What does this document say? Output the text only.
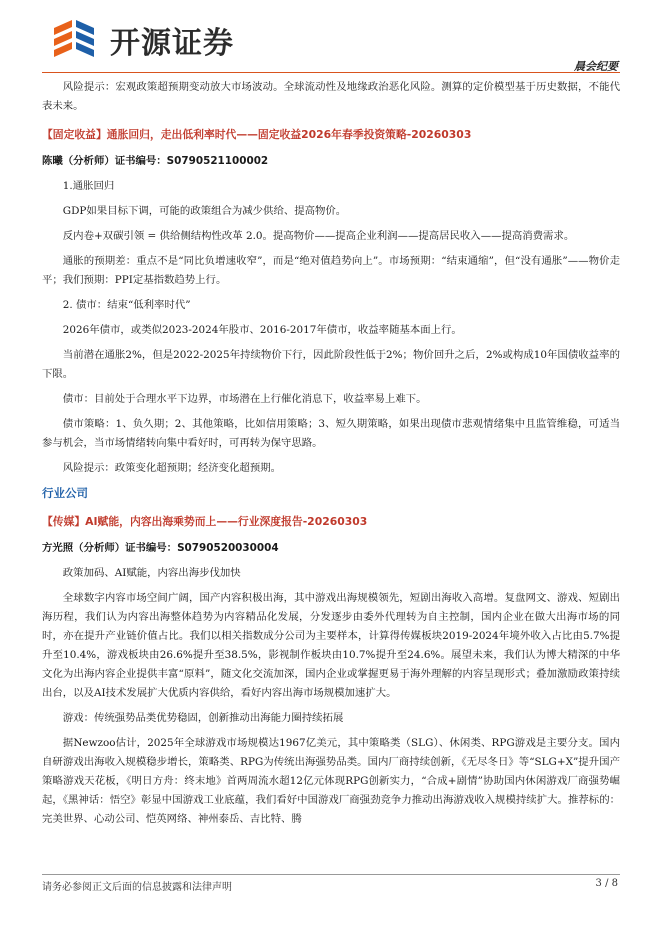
开源证券
晨会纪要

风险提示：宏观政策超预期变动放大市场波动。全球流动性及地缘政治恶化风险。测算的定价模型基于历史数据，不能代表未来。

【固定收益】通胀回归，走出低利率时代——固定收益2026年春季投资策略-20260303

陈曦（分析师）证书编号：S0790521100002

1.通胀回归

GDP如果目标下调，可能的政策组合为减少供给、提高物价。

反内卷+双碳引领 = 供给侧结构性改革 2.0。提高物价——提高企业利润——提高居民收入——提高消费需求。

通胀的预期差：重点不是“同比负增速收窄”，而是“绝对值趋势向上”。市场预期：“结束通缩”，但“没有通胀”——物价走平；我们预期：PPI定基指数趋势上行。

2. 债市：结束“低利率时代”

2026年债市，或类似2023-2024年股市、2016-2017年债市，收益率随基本面上行。

当前潜在通胀2%，但是2022-2025年持续物价下行，因此阶段性低于2%；物价回升之后，2%或构成10年国债收益率的下限。

债市：目前处于合理水平下边界，市场潜在上行催化消息下，收益率易上难下。

债市策略：1、负久期；2、其他策略，比如信用策略；3、短久期策略，如果出现债市悲观情绪集中且监管维稳，可适当参与机会，当市场情绪转向集中看好时，可再转为保守思路。

风险提示：政策变化超预期；经济变化超预期。

行业公司

【传媒】AI赋能，内容出海乘势而上——行业深度报告-20260303

方光照（分析师）证书编号：S0790520030004

政策加码、AI赋能，内容出海步伐加快

全球数字内容市场空间广阔，国产内容积极出海，其中游戏出海规模领先，短剧出海收入高增。复盘网文、游戏、短剧出海历程，我们认为内容出海整体趋势为内容精品化发展，分发逐步由委外代理转为自主控制，国内企业在做大出海市场的同时，亦在提升产业链价值占比。我们以相关指数成分公司为主要样本，计算得传媒板块2019-2024年境外收入占比由5.7%提升至10.4%，游戏板块由26.6%提升至38.5%，影视制作板块由10.7%提升至24.6%。展望未来，我们认为博大精深的中华文化为出海内容企业提供丰富“原料”，随文化交流加深，国内企业或掌握更易于海外理解的内容呈现形式；叠加激励政策持续出台，以及AI技术发展扩大优质内容供给，看好内容出海市场规模加速扩大。

游戏：传统强势品类优势稳固，创新推动出海能力圈持续拓展

据Newzoo估计，2025年全球游戏市场规模达1967亿美元，其中策略类（SLG）、休闲类、RPG游戏是主要分支。国内自研游戏出海收入规模稳步增长，策略类、RPG为传统出海强势品类。国内厂商持续创新，《无尽冬日》等“SLG+X”提升国产策略游戏天花板，《明日方舟：终末地》首两周流水超12亿元体现RPG创新实力，“合成+剧情”协助国内休闲游戏厂商强势崛起，《黑神话：悟空》彰显中国游戏工业底蕴，我们看好中国游戏厂商强劲竞争力推动出海游戏收入规模持续扩大。推荐标的：完美世界、心动公司、恺英网络、神州泰岳、吉比特、腾

请务必参阅正文后面的信息披露和法律声明	3 / 8
